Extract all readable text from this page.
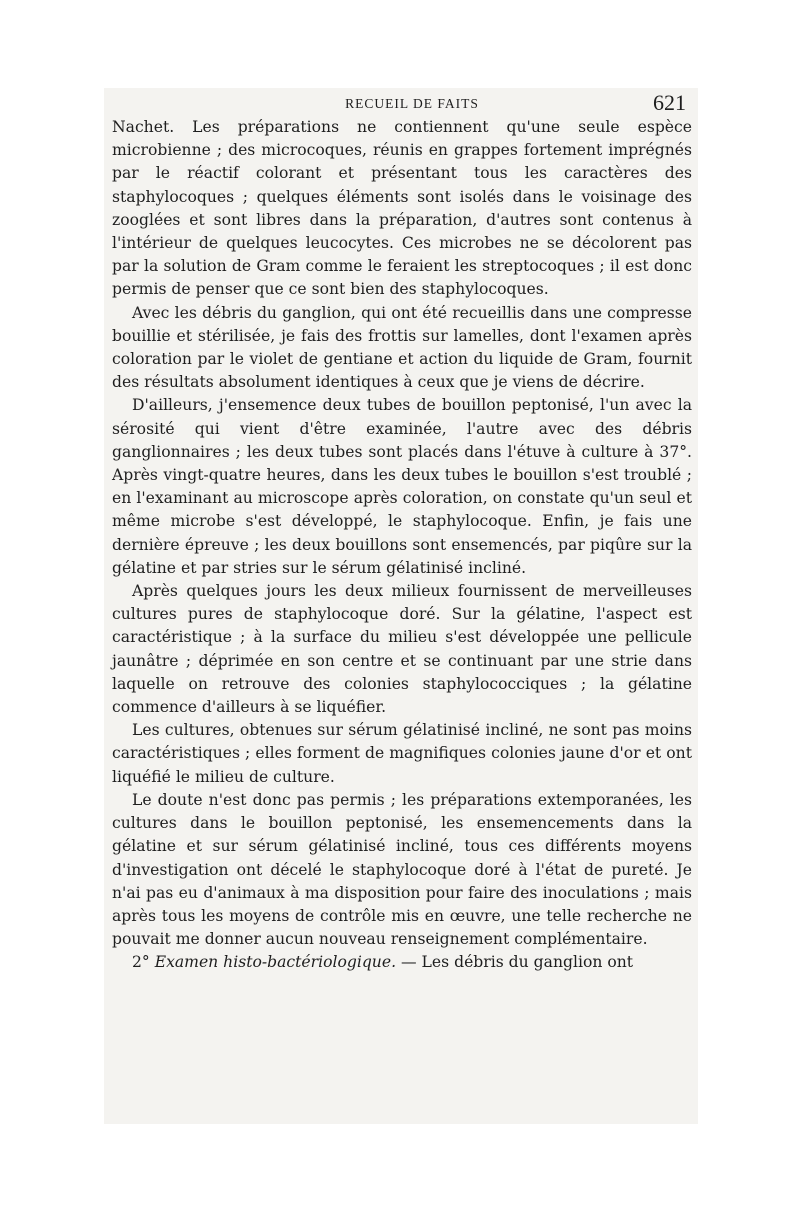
RECUEIL DE FAITS	621

Nachet. Les préparations ne contiennent qu'une seule espèce microbienne ; des microcoques, réunis en grappes fortement imprégnés par le réactif colorant et présentant tous les caractères des staphylocoques ; quelques éléments sont isolés dans le voisinage des zooglées et sont libres dans la préparation, d'autres sont contenus à l'intérieur de quelques leucocytes. Ces microbes ne se décolorent pas par la solution de Gram comme le feraient les streptocoques ; il est donc permis de penser que ce sont bien des staphylocoques.

Avec les débris du ganglion, qui ont été recueillis dans une compresse bouillie et stérilisée, je fais des frottis sur lamelles, dont l'examen après coloration par le violet de gentiane et action du liquide de Gram, fournit des résultats absolument identiques à ceux que je viens de décrire.

D'ailleurs, j'ensemence deux tubes de bouillon peptonisé, l'un avec la sérosité qui vient d'être examinée, l'autre avec des débris ganglionnaires ; les deux tubes sont placés dans l'étuve à culture à 37°. Après vingt-quatre heures, dans les deux tubes le bouillon s'est troublé ; en l'examinant au microscope après coloration, on constate qu'un seul et même microbe s'est développé, le staphylocoque. Enfin, je fais une dernière épreuve ; les deux bouillons sont ensemencés, par piqûre sur la gélatine et par stries sur le sérum gélatinisé incliné.

Après quelques jours les deux milieux fournissent de merveilleuses cultures pures de staphylocoque doré. Sur la gélatine, l'aspect est caractéristique ; à la surface du milieu s'est développée une pellicule jaunâtre ; déprimée en son centre et se continuant par une strie dans laquelle on retrouve des colonies staphylococciques ; la gélatine commence d'ailleurs à se liquéfier.

Les cultures, obtenues sur sérum gélatinisé incliné, ne sont pas moins caractéristiques ; elles forment de magnifiques colonies jaune d'or et ont liquéfié le milieu de culture.

Le doute n'est donc pas permis ; les préparations extemporanées, les cultures dans le bouillon peptonisé, les ensemencements dans la gélatine et sur sérum gélatinisé incliné, tous ces différents moyens d'investigation ont décelé le staphylocoque doré à l'état de pureté. Je n'ai pas eu d'animaux à ma disposition pour faire des inoculations ; mais après tous les moyens de contrôle mis en œuvre, une telle recherche ne pouvait me donner aucun nouveau renseignement complémentaire.

2° Examen histo-bactériologique. — Les débris du ganglion ont
